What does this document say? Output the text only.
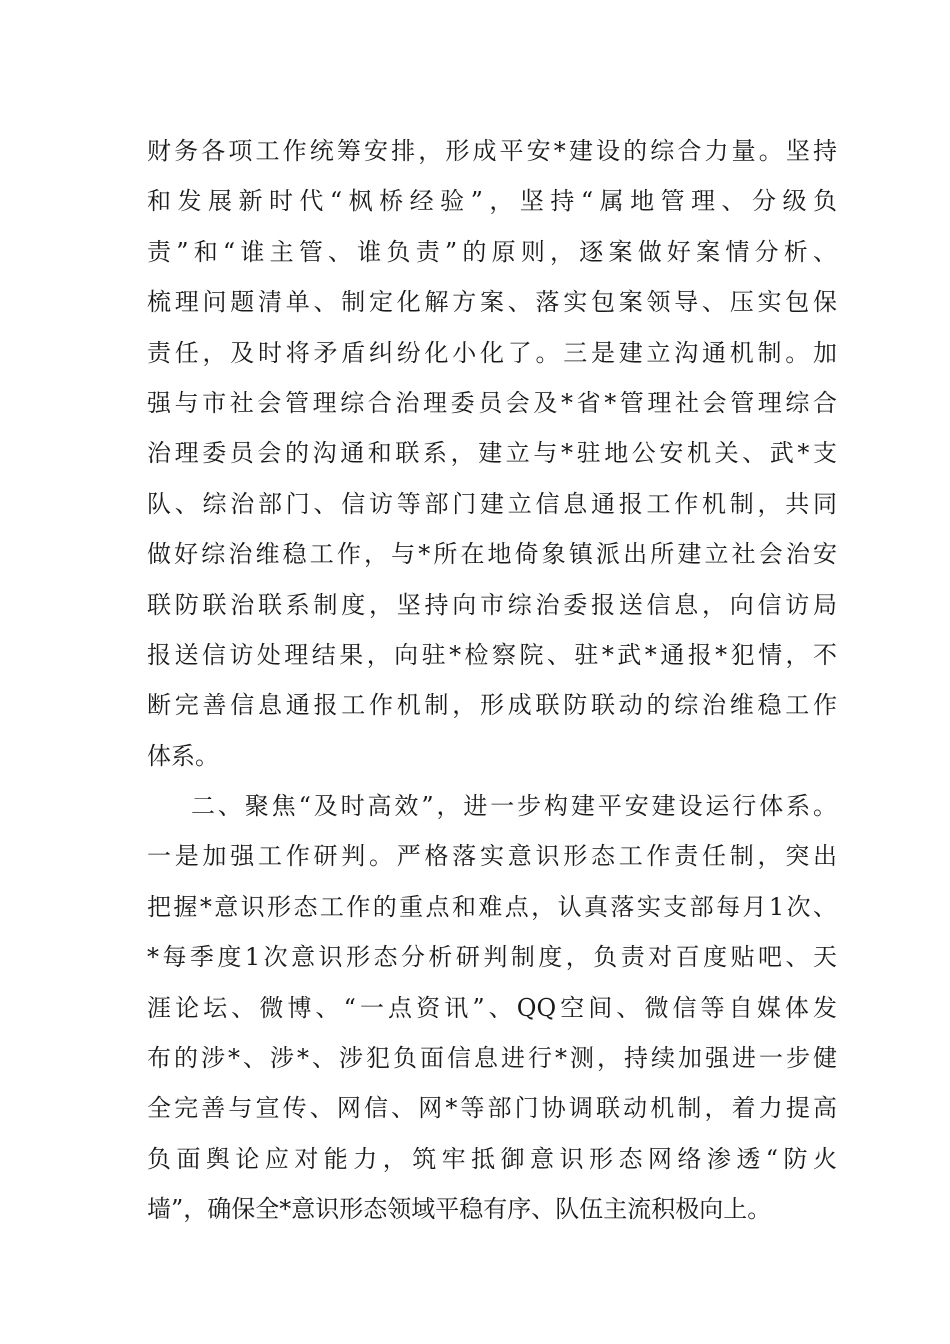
财务各项工作统筹安排，形成平安*建设的综合力量。坚持
和发展新时代“枫桥经验”，坚持“属地管理、分级负
责”和“谁主管、谁负责”的原则，逐案做好案情分析、
梳理问题清单、制定化解方案、落实包案领导、压实包保
责任，及时将矛盾纠纷化小化了。三是建立沟通机制。加
强与市社会管理综合治理委员会及*省*管理社会管理综合
治理委员会的沟通和联系，建立与*驻地公安机关、武*支
队、综治部门、信访等部门建立信息通报工作机制，共同
做好综治维稳工作，与*所在地倚象镇派出所建立社会治安
联防联治联系制度，坚持向市综治委报送信息，向信访局
报送信访处理结果，向驻*检察院、驻*武*通报*犯情，不
断完善信息通报工作机制，形成联防联动的综治维稳工作
体系。
二、聚焦“及时高效”，进一步构建平安建设运行体系。
一是加强工作研判。严格落实意识形态工作责任制，突出
把握*意识形态工作的重点和难点，认真落实支部每月1次、
*每季度1次意识形态分析研判制度，负责对百度贴吧、天
涯论坛、微博、“一点资讯”、QQ空间、微信等自媒体发
布的涉*、涉*、涉犯负面信息进行*测，持续加强进一步健
全完善与宣传、网信、网*等部门协调联动机制，着力提高
负面舆论应对能力，筑牢抵御意识形态网络渗透“防火
墙”，确保全*意识形态领域平稳有序、队伍主流积极向上。
